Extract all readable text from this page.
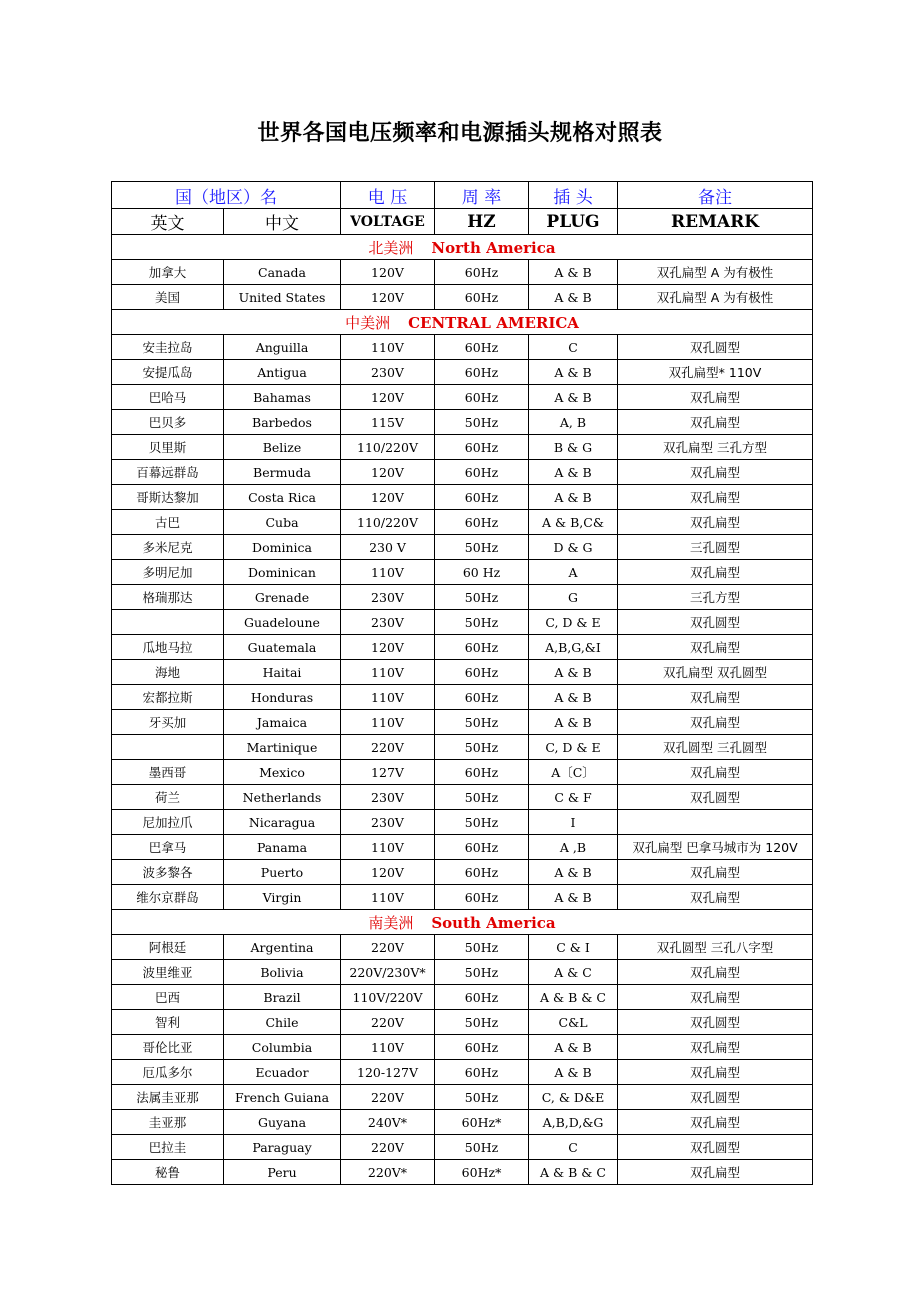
世界各国电压频率和电源插头规格对照表
国（地区）名		电 压	周 率	插 头	备注
英文	中文	VOLTAGE	HZ	PLUG	REMARK
北美洲 North America					
加拿大	Canada	120V	60Hz	A & B	双孔扁型 A 为有极性
美国	United States	120V	60Hz	A & B	双孔扁型 A 为有极性
中美洲 CENTRAL AMERICA					
安圭拉岛	Anguilla	110V	60Hz	C	双孔圆型
安提瓜岛	Antigua	230V	60Hz	A & B	双孔扁型* 110V
巴哈马	Bahamas	120V	60Hz	A & B	双孔扁型
巴贝多	Barbedos	115V	50Hz	A, B	双孔扁型
贝里斯	Belize	110/220V	60Hz	B & G	双孔扁型 三孔方型
百幕远群岛	Bermuda	120V	60Hz	A & B	双孔扁型
哥斯达黎加	Costa Rica	120V	60Hz	A & B	双孔扁型
古巴	Cuba	110/220V	60Hz	A & B,C&	双孔扁型
多米尼克	Dominica	230 V	50Hz	D & G	三孔圆型
多明尼加	Dominican	110V	60 Hz	A	双孔扁型
格瑞那达	Grenade	230V	50Hz	G	三孔方型
	Guadeloune	230V	50Hz	C, D & E	双孔圆型
瓜地马拉	Guatemala	120V	60Hz	A,B,G,&I	双孔扁型
海地	Haitai	110V	60Hz	A & B	双孔扁型 双孔圆型
宏都拉斯	Honduras	110V	60Hz	A & B	双孔扁型
牙买加	Jamaica	110V	50Hz	A & B	双孔扁型
	Martinique	220V	50Hz	C, D & E	双孔圆型 三孔圆型
墨西哥	Mexico	127V	60Hz	A〔C〕	双孔扁型
荷兰	Netherlands	230V	50Hz	C & F	双孔圆型
尼加拉爪	Nicaragua	230V	50Hz	I	
巴拿马	Panama	110V	60Hz	A ,B	双孔扁型 巴拿马城市为 120V
波多黎各	Puerto	120V	60Hz	A & B	双孔扁型
维尔京群岛	Virgin	110V	60Hz	A & B	双孔扁型
南美洲 South America					
阿根廷	Argentina	220V	50Hz	C & I	双孔圆型 三孔八字型
波里维亚	Bolivia	220V/230V*	50Hz	A & C	双孔扁型
巴西	Brazil	110V/220V	60Hz	A & B & C	双孔扁型
智利	Chile	220V	50Hz	C&L	双孔圆型
哥伦比亚	Columbia	110V	60Hz	A & B	双孔扁型
厄瓜多尔	Ecuador	120-127V	60Hz	A & B	双孔扁型
法属圭亚那	French Guiana	220V	50Hz	C, & D&E	双孔圆型
圭亚那	Guyana	240V*	60Hz*	A,B,D,&G	双孔扁型
巴拉圭	Paraguay	220V	50Hz	C	双孔圆型
秘鲁	Peru	220V*	60Hz*	A & B & C	双孔扁型
